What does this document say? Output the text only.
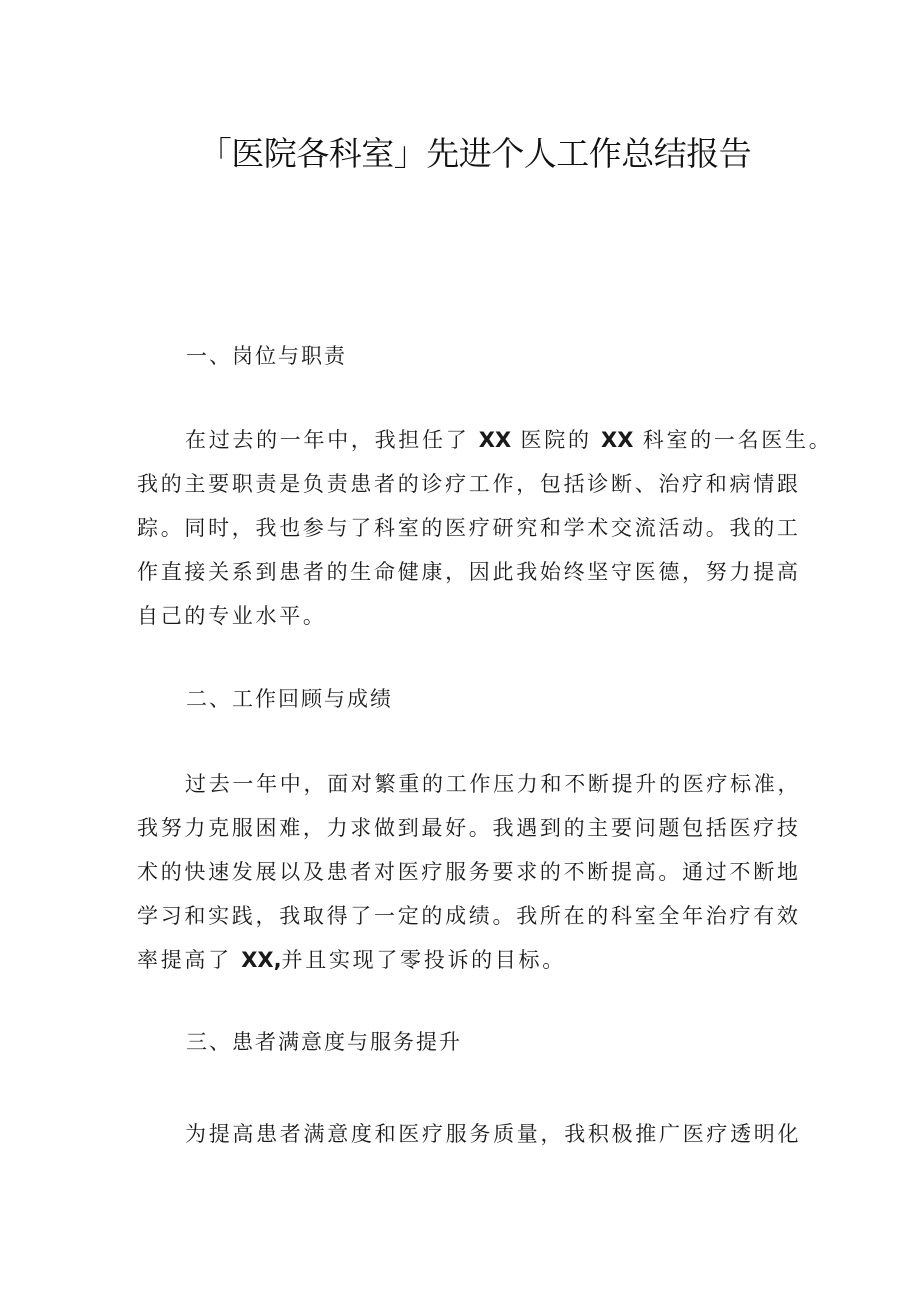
「医院各科室」先进个人工作总结报告
一、岗位与职责
在过去的一年中，我担任了 XX 医院的 XX 科室的一名医生。
我的主要职责是负责患者的诊疗工作，包括诊断、治疗和病情跟
踪。同时，我也参与了科室的医疗研究和学术交流活动。我的工
作直接关系到患者的生命健康，因此我始终坚守医德，努力提高
自己的专业水平。
二、工作回顾与成绩
过去一年中，面对繁重的工作压力和不断提升的医疗标准，
我努力克服困难，力求做到最好。我遇到的主要问题包括医疗技
术的快速发展以及患者对医疗服务要求的不断提高。通过不断地
学习和实践，我取得了一定的成绩。我所在的科室全年治疗有效
率提高了 XX,并且实现了零投诉的目标。
三、患者满意度与服务提升
为提高患者满意度和医疗服务质量，我积极推广医疗透明化
